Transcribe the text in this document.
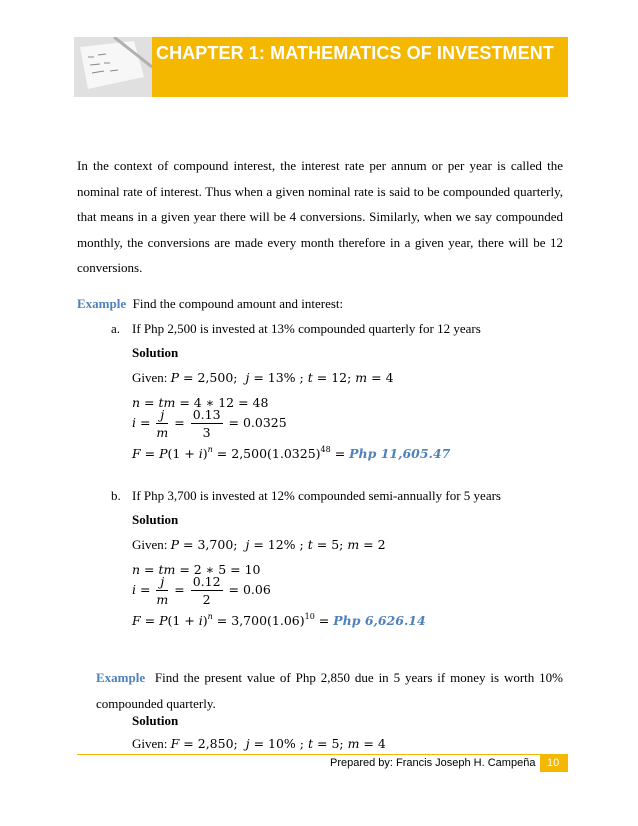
CHAPTER 1: MATHEMATICS OF INVESTMENT

In the context of compound interest, the interest rate per annum or per year is called the nominal rate of interest. Thus when a given nominal rate is said to be compounded quarterly, that means in a given year there will be 4 conversions. Similarly, when we say compounded monthly, the conversions are made every month therefore in a given year, there will be 12 conversions.

Example Find the compound amount and interest:
a. If Php 2,500 is invested at 13% compounded quarterly for 12 years
Solution
Given: P = 2,500;  j = 13% ; t = 12; m = 4
n = tm = 4 ∗ 12 = 48
$i = \frac{j}{m} = \frac{0.13}{3} = 0.0325$
$F = P(1 + i)^n = 2,500(1.0325)^{48}$ = Php 11,605.47
b. If Php 3,700 is invested at 12% compounded semi-annually for 5 years
Solution
Given: P = 3,700;  j = 12% ; t = 5; m = 2
n = tm = 2 ∗ 5 = 10
$i = \frac{j}{m} = \frac{0.12}{2} = 0.06$
$F = P(1 + i)^n = 3,700(1.06)^{10}$ = Php 6,626.14

Example Find the present value of Php 2,850 due in 5 years if money is worth 10% compounded quarterly.

Solution
Given: F = 2,850;  j = 10% ; t = 5; m = 4
Prepared by: Francis Joseph H. Campeña 10
